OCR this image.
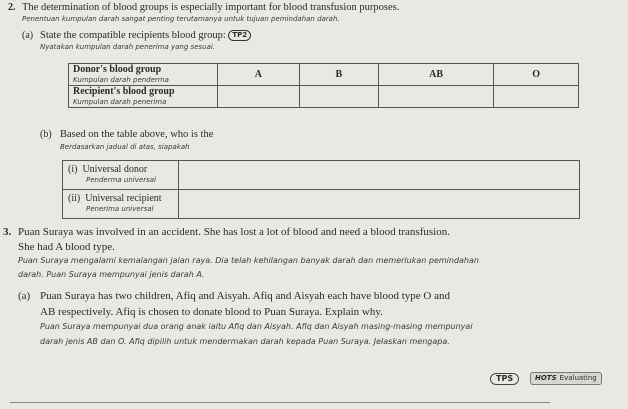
2. The determination of blood groups is especially important for blood transfusion purposes.
Penentuan kumpulan darah sangat penting terutamanya untuk tujuan pemindahan darah.
(a) State the compatible recipients blood group: TP2
Nyatakan kumpulan darah penerima yang sesuai.
Donor's blood group
Kumpulan darah penderma	A	B	AB	O

Recipient's blood group
Kumpulan darah penerima				

(b) Based on the table above, who is the
Berdasarkan jadual di atas, siapakah
(i) Universal donor
Penderma universal	

(ii) Universal recipient
Penerima universal	

3. Puan Suraya was involved in an accident. She has lost a lot of blood and need a blood transfusion.
She had A blood type.
Puan Suraya mengalami kemalangan jalan raya. Dia telah kehilangan banyak darah dan memerlukan pemindahan
darah. Puan Suraya mempunyai jenis darah A.
(a) Puan Suraya has two children, Afiq and Aisyah. Afiq and Aisyah each have blood type O and
AB respectively. Afiq is chosen to donate blood to Puan Suraya. Explain why.
Puan Suraya mempunyai dua orang anak iaitu Afiq dan Aisyah. Afiq dan Aisyah masing-masing mempunyai
darah jenis AB dan O. Afiq dipilih untuk mendermakan darah kepada Puan Suraya. Jelaskan mengapa.
TPS	HOTS Evaluating
